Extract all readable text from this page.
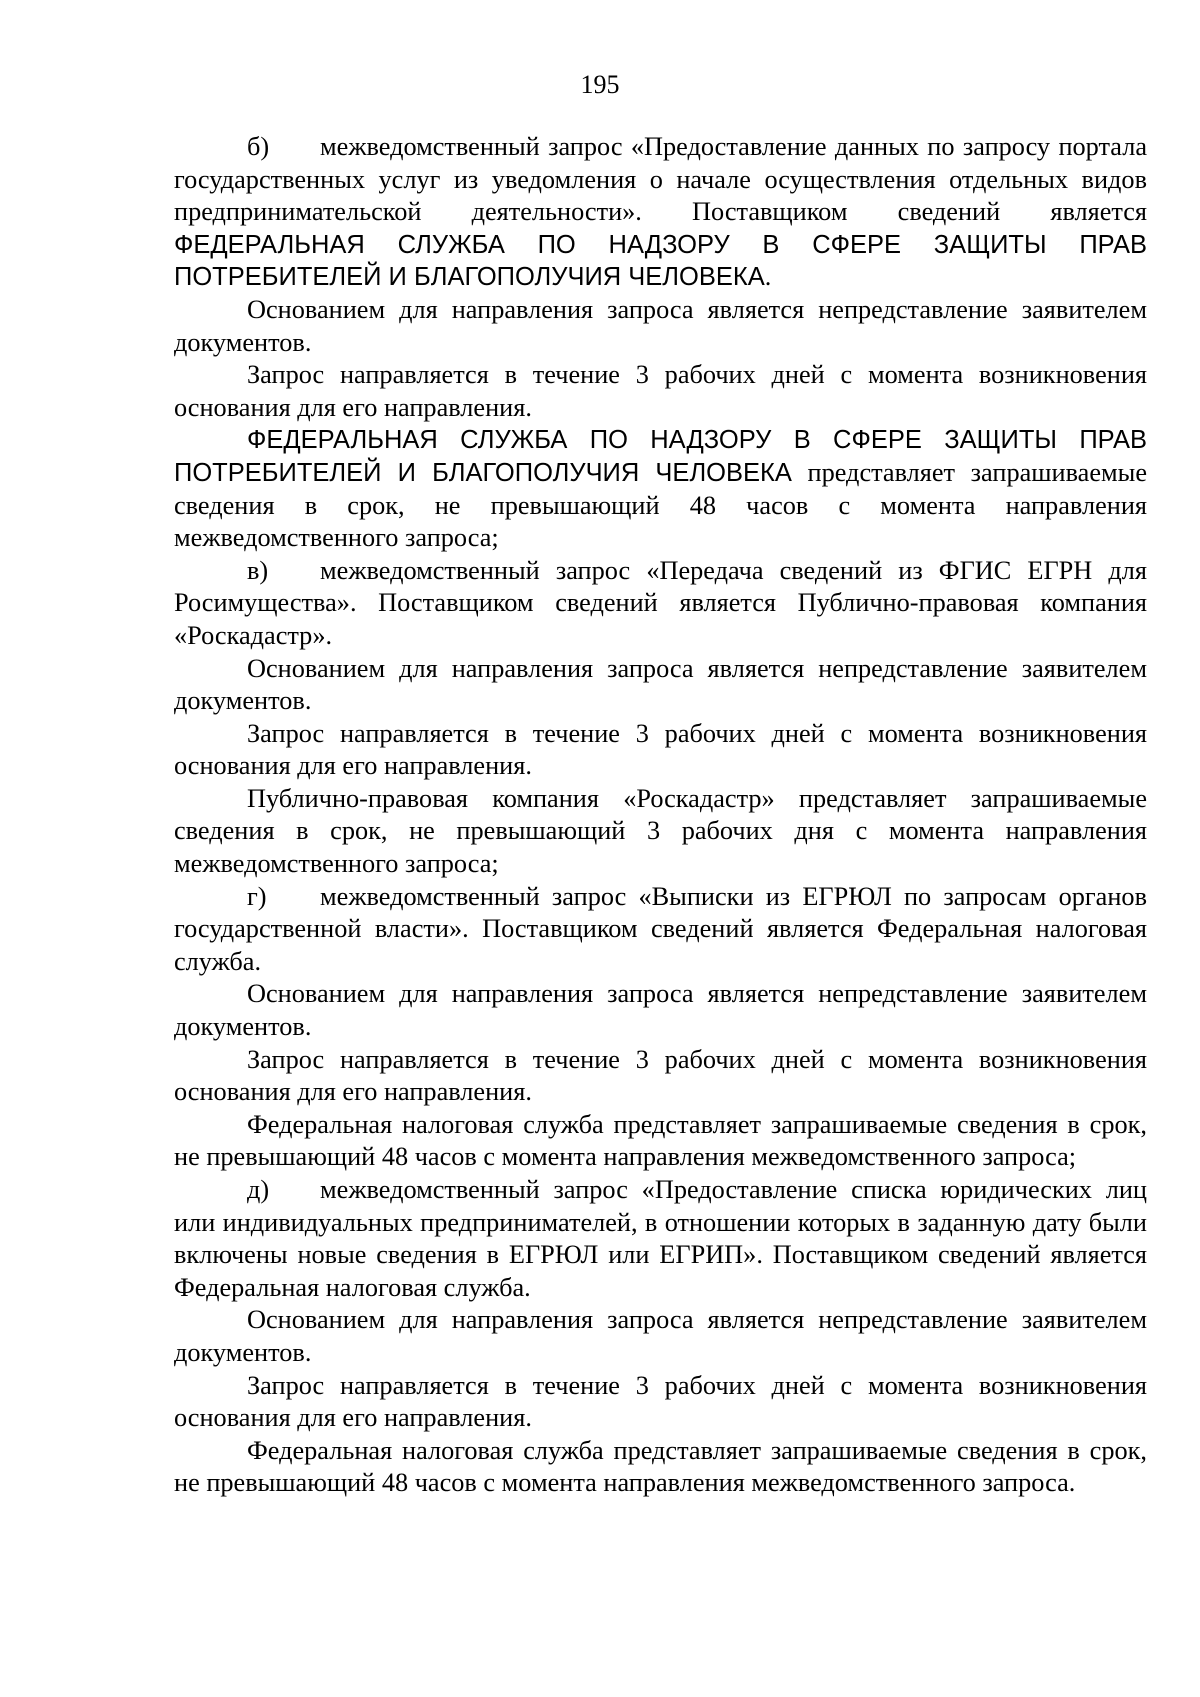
195

б) межведомственный запрос «Предоставление данных по запросу портала государственных услуг из уведомления о начале осуществления отдельных видов предпринимательской деятельности». Поставщиком сведений является ФЕДЕРАЛЬНАЯ СЛУЖБА ПО НАДЗОРУ В СФЕРЕ ЗАЩИТЫ ПРАВ ПОТРЕБИТЕЛЕЙ И БЛАГОПОЛУЧИЯ ЧЕЛОВЕКА.

Основанием для направления запроса является непредставление заявителем документов.

Запрос направляется в течение 3 рабочих дней с момента возникновения основания для его направления.

ФЕДЕРАЛЬНАЯ СЛУЖБА ПО НАДЗОРУ В СФЕРЕ ЗАЩИТЫ ПРАВ ПОТРЕБИТЕЛЕЙ И БЛАГОПОЛУЧИЯ ЧЕЛОВЕКА представляет запрашиваемые сведения в срок, не превышающий 48 часов с момента направления межведомственного запроса;

в) межведомственный запрос «Передача сведений из ФГИС ЕГРН для Росимущества». Поставщиком сведений является Публично-правовая компания «Роскадастр».

Основанием для направления запроса является непредставление заявителем документов.

Запрос направляется в течение 3 рабочих дней с момента возникновения основания для его направления.

Публично-правовая компания «Роскадастр» представляет запрашиваемые сведения в срок, не превышающий 3 рабочих дня с момента направления межведомственного запроса;

г) межведомственный запрос «Выписки из ЕГРЮЛ по запросам органов государственной власти». Поставщиком сведений является Федеральная налоговая служба.

Основанием для направления запроса является непредставление заявителем документов.

Запрос направляется в течение 3 рабочих дней с момента возникновения основания для его направления.

Федеральная налоговая служба представляет запрашиваемые сведения в срок, не превышающий 48 часов с момента направления межведомственного запроса;

д) межведомственный запрос «Предоставление списка юридических лиц или индивидуальных предпринимателей, в отношении которых в заданную дату были включены новые сведения в ЕГРЮЛ или ЕГРИП». Поставщиком сведений является Федеральная налоговая служба.

Основанием для направления запроса является непредставление заявителем документов.

Запрос направляется в течение 3 рабочих дней с момента возникновения основания для его направления.

Федеральная налоговая служба представляет запрашиваемые сведения в срок, не превышающий 48 часов с момента направления межведомственного запроса.
